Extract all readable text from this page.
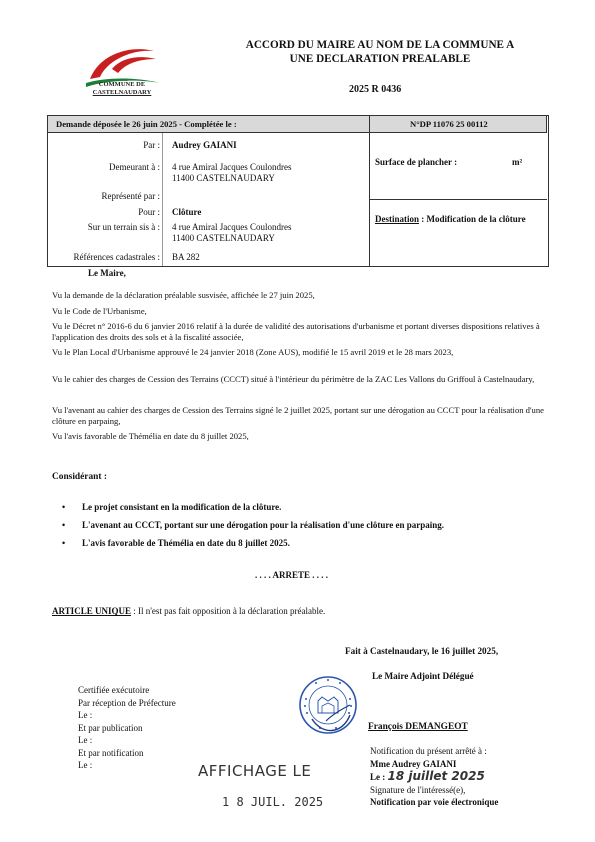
COMMUNE DE
CASTELNAUDARY
ACCORD DU MAIRE AU NOM DE LA COMMUNE A
UNE DECLARATION PREALABLE
2025 R 0436
Demande déposée le 26 juin 2025 - Complétée le :	N°DP 11076 25 00112
Par : Audrey GAIANI
Demeurant à : 4 rue Amiral Jacques Coulondres
11400 CASTELNAUDARY
Représenté par :
Pour : Clôture
Sur un terrain sis à : 4 rue Amiral Jacques Coulondres
11400 CASTELNAUDARY
Références cadastrales : BA 282
Surface de plancher :	m²
Destination : Modification de la clôture
Le Maire,
Vu la demande de la déclaration préalable susvisée, affichée le 27 juin 2025,
Vu le Code de l'Urbanisme,
Vu le Décret n° 2016-6 du 6 janvier 2016 relatif à la durée de validité des autorisations d'urbanisme et portant diverses dispositions relatives à l'application des droits des sols et à la fiscalité associée,
Vu le Plan Local d'Urbanisme approuvé le 24 janvier 2018 (Zone AUS), modifié le 15 avril 2019 et le 28 mars 2023,
Vu le cahier des charges de Cession des Terrains (CCCT) situé à l'intérieur du périmètre de la ZAC Les Vallons du Griffoul à Castelnaudary,
Vu l'avenant au cahier des charges de Cession des Terrains signé le 2 juillet 2025, portant sur une dérogation au CCCT pour la réalisation d'une clôture en parpaing,
Vu l'avis favorable de Thémélia en date du 8 juillet 2025,
Considérant :
• Le projet consistant en la modification de la clôture.
• L'avenant au CCCT, portant sur une dérogation pour la réalisation d'une clôture en parpaing.
• L'avis favorable de Thémélia en date du 8 juillet 2025.
. . . . ARRETE . . . .
ARTICLE UNIQUE : Il n'est pas fait opposition à la déclaration préalable.
Fait à Castelnaudary, le 16 juillet 2025,
Le Maire Adjoint Délégué
François DEMANGEOT
Certifiée exécutoire
Par réception de Préfecture
Le :
Et par publication
Le :
Et par notification
Le :	AFFICHAGE LE
1 8 JUIL. 2025
Notification du présent arrêté à :
Mme Audrey GAIANI
Le : 18 juillet 2025
Signature de l'intéressé(e),
Notification par voie électronique
